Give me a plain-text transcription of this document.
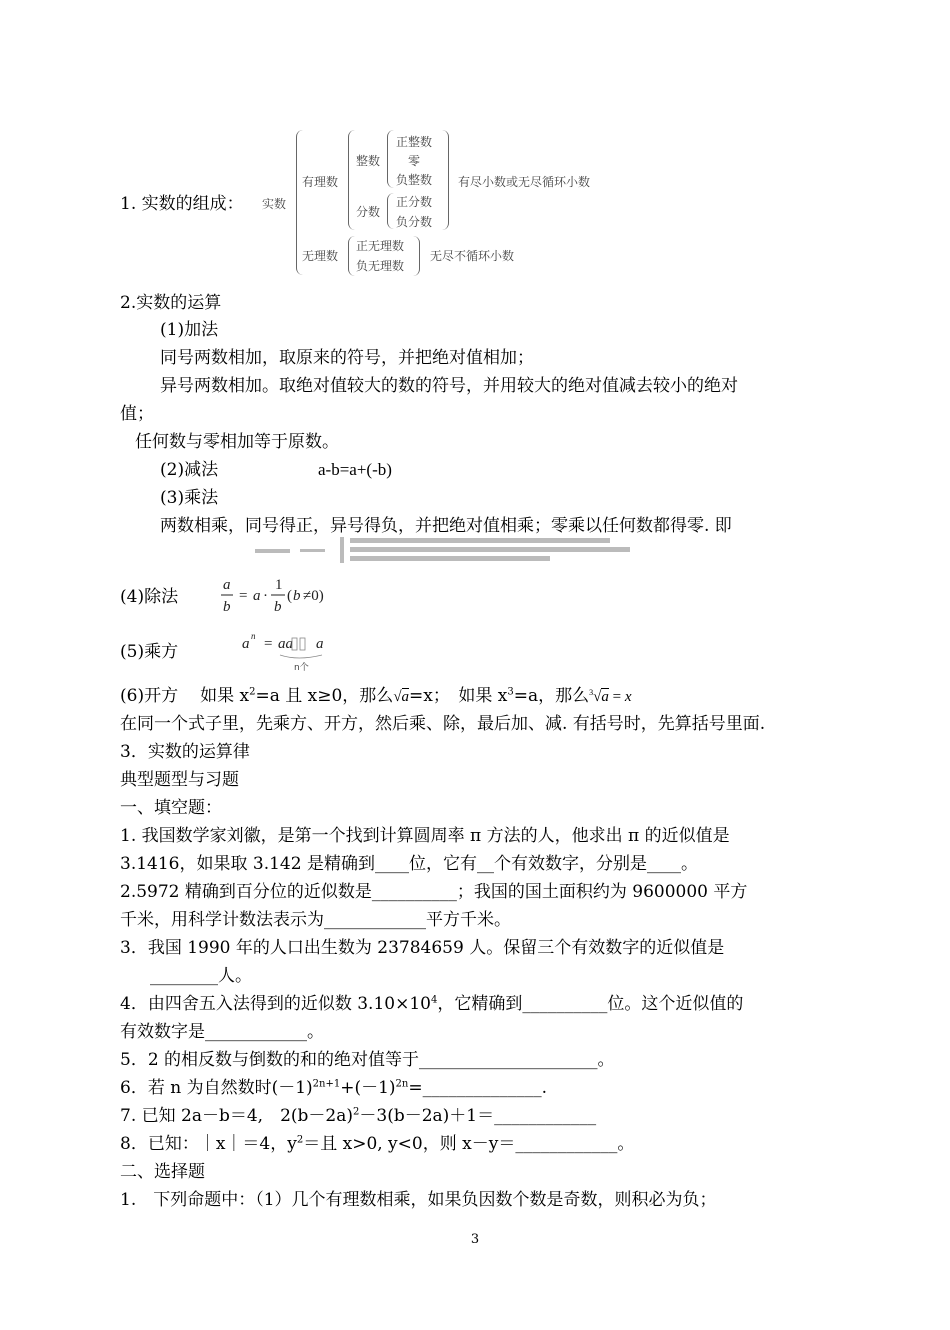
1. 实数的组成： 实数
有理数
整数
正整数
零
负整数
分数
正分数
负分数
有尽小数或无尽循环小数
无理数
正无理数
负无理数
无尽不循环小数
2.实数的运算
(1)加法
同号两数相加，取原来的符号，并把绝对值相加；
异号两数相加。取绝对值较大的数的符号，并用较大的绝对值减去较小的绝对
值；
任何数与零相加等于原数。
(2)减法	a-b=a+(-b)
(3)乘法
两数相乘，同号得正，异号得负，并把绝对值相乘；零乘以任何数都得零. 即
(4)除法
a
b
= a ·
1
b
( b ≠0)
(5)乘方	a n = aa a
n个
(6)开方 如果 $x^2=a$ 且 x≥0，那么√a=x；　如果 $x^3=a$，那么$^3$√a = x
在同一个式子里，先乘方、开方，然后乘、除，最后加、减. 有括号时，先算括号里面.
3．实数的运算律
典型题型与习题
一、填空题：
1. 我国数学家刘徽，是第一个找到计算圆周率 π 方法的人，他求出 π 的近似值是
3.1416，如果取 3.142 是精确到____位，它有__个有效数字，分别是____。
2.5972 精确到百分位的近似数是__________；我国的国土面积约为 9600000 平方
千米，用科学计数法表示为____________平方千米。
3．我国 1990 年的人口出生数为 23784659 人。保留三个有效数字的近似值是
________人。
4．由四舍五入法得到的近似数 $3.10\times 10^4$，它精确到__________位。这个近似值的
有效数字是____________。
5．2 的相反数与倒数的和的绝对值等于_____________________。
6．若 n 为自然数时$(-1)^{2n+1}+(-1)^{2n}=\_\_\_\_\_\_\_\_\_\_\_\_\_\_$.
7. 已知 2a－b＝4,　$2(b-2a)^2-3(b-2a)+1=\_\_\_\_\_\_\_\_\_\_\_\_$
8．已知：｜x｜＝4，$y^2=$且 x>0, y<0，则 x－y＝____________。
二、选择题
1.　下列命题中：（1）几个有理数相乘，如果负因数个数是奇数，则积必为负；
3
